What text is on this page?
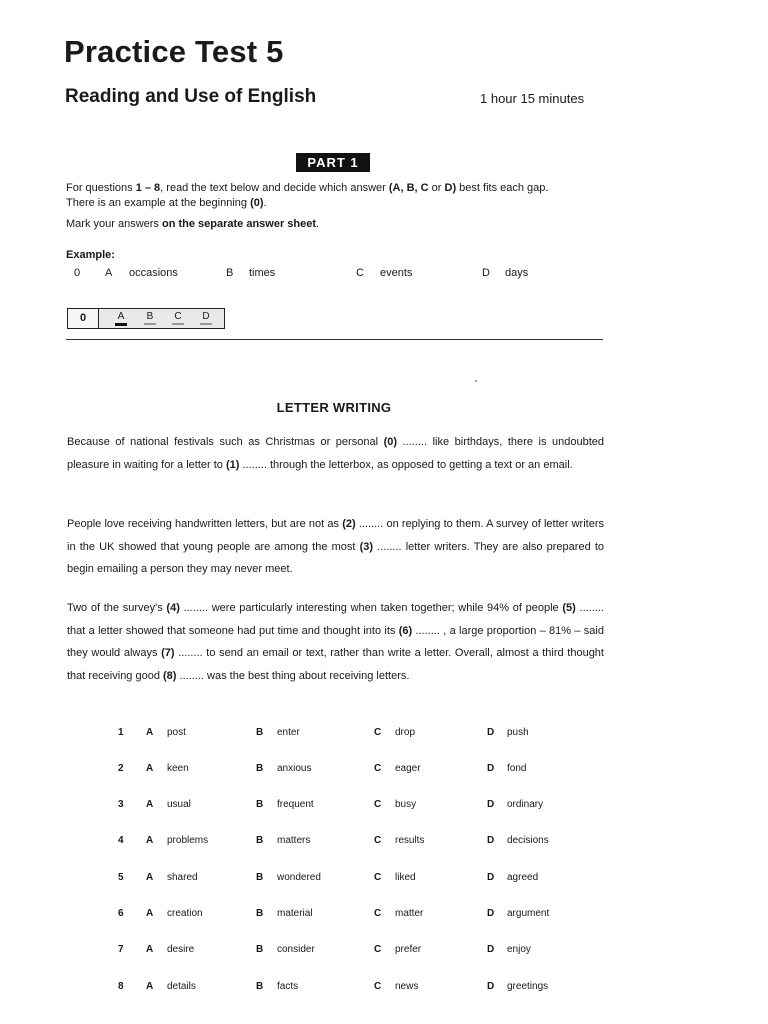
Practice Test 5
Reading and Use of English	1 hour 15 minutes
PART 1
For questions 1 – 8, read the text below and decide which answer (A, B, C or D) best fits each gap.
There is an example at the beginning (0).
Mark your answers on the separate answer sheet.
Example:
0 A occasions	B times	C events	D days
0	A B C D
LETTER WRITING
Because of national festivals such as Christmas or personal (0) ........ like birthdays, there is undoubted pleasure in waiting for a letter to (1) ........ through the letterbox, as opposed to getting a text or an email.
People love receiving handwritten letters, but are not as (2) ........ on replying to them. A survey of letter writers in the UK showed that young people are among the most (3) ........ letter writers. They are also prepared to begin emailing a person they may never meet.
Two of the survey's (4) ........ were particularly interesting when taken together; while 94% of people (5) ........ that a letter showed that someone had put time and thought into its (6) ........ , a large proportion – 81% – said they would always (7) ........ to send an email or text, rather than write a letter. Overall, almost a third thought that receiving good (8) ........ was the best thing about receiving letters.
1 A post	B enter	C drop	D push
2 A keen	B anxious	C eager	D fond
3 A usual	B frequent	C busy	D ordinary
4 A problems	B matters	C results	D decisions
5 A shared	B wondered	C liked	D agreed
6 A creation	B material	C matter	D argument
7 A desire	B consider	C prefer	D enjoy
8 A details	B facts	C news	D greetings
